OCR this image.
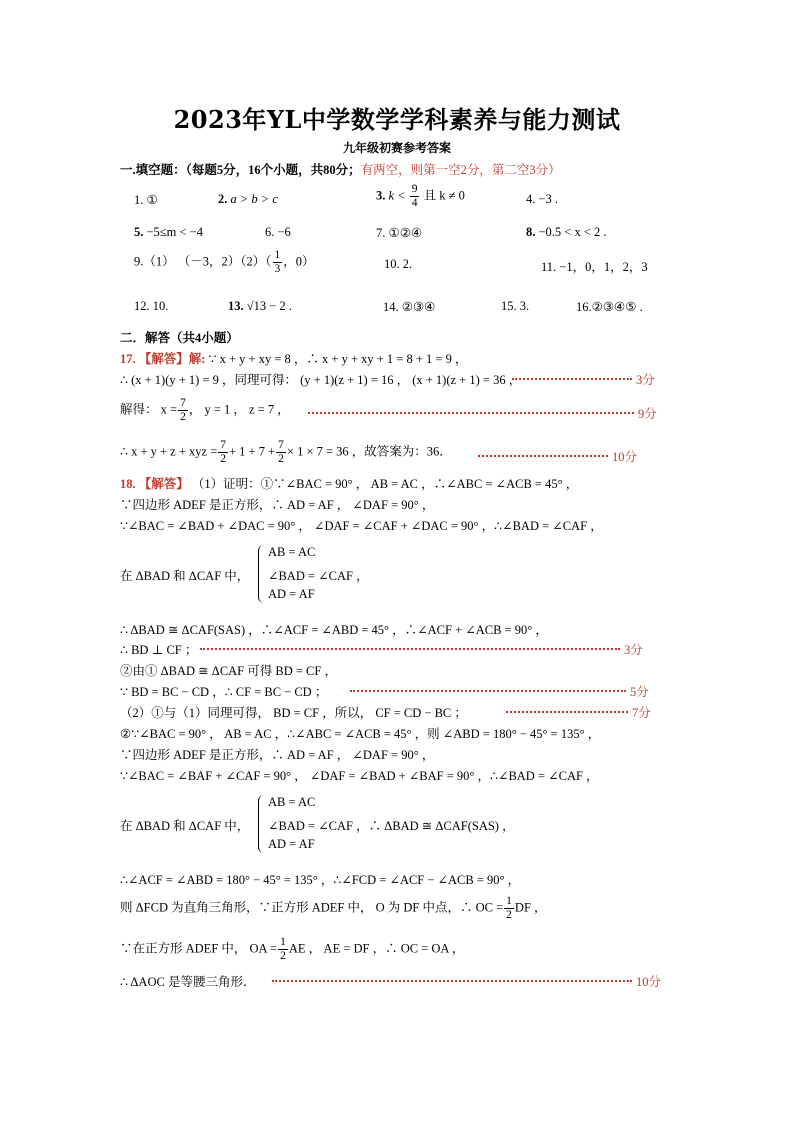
2023年YL中学数学学科素养与能力测试
九年级初赛参考答案
一.填空题：（每题5分，16个小题，共80分；有两空，则第一空2分，第二空3分）
1. ①	2. a > b > c	3. $k < \frac{9}{4}$ 且 k ≠ 0	4. −3 .
5. −5≤m < −4	6. −6	7. ①②④	8. −0.5 < x < 2 .
9.（1） （－3，$2)(2)( \frac{1}{3}$ ，0）	10. 2.	11. −1，0，1，2，3
12. 10.	13. √13 − 2 .	14. ②③④	15. 3.	16.②③④⑤ .
二．解答（共4小题）
17. 【解答】解: ∵ x + y + xy = 8 ，∴ x + y + xy + 1 = 8 + 1 = 9 ，
∴ (x + 1)(y + 1) = 9 ，同理可得： (y + 1)(z + 1) = 16 ， (x + 1)(z + 1) = 36 ，	3分
解得： $x = \frac{7}{2}$ ， y = 1 ， z = 7 ，	9分
∴ x + y + z + xyz = $\frac{7}{2} + 1 + 7 + \frac{7}{2} \times 1 \times 7 = 36$ ，故答案为：36．	10分
18. 【解答】 （1）证明：①∵∠BAC = 90° ， AB = AC ，∴∠ABC = ∠ACB = 45° ，
∵四边形 ADEF 是正方形，∴ AD = AF ， ∠DAF = 90° ，
∵∠BAC = ∠BAD + ∠DAC = 90° ， ∠DAF = ∠CAF + ∠DAC = 90° ，∴∠BAD = ∠CAF ，
在 ΔBAD 和 ΔCAF 中，
AB = AC
∠BAD = ∠CAF ，
AD = AF
∴ ΔBAD ≅ ΔCAF(SAS) ，∴∠ACF = ∠ABD = 45° ，∴∠ACF + ∠ACB = 90° ，
∴ BD ⊥ CF ；	3分
②由① ΔBAD ≅ ΔCAF 可得 BD = CF ，
∵ BD = BC − CD ，∴ CF = BC − CD ；	5分
（2）①与（1）同理可得， BD = CF ，所以， CF = CD − BC ；	7分
②∵∠BAC = 90° ， AB = AC ，∴∠ABC = ∠ACB = 45° ，则 ∠ABD = 180° − 45° = 135° ，
∵四边形 ADEF 是正方形，∴ AD = AF ， ∠DAF = 90° ，
∵∠BAC = ∠BAF + ∠CAF = 90° ， ∠DAF = ∠BAD + ∠BAF = 90° ，∴∠BAD = ∠CAF ，
在 ΔBAD 和 ΔCAF 中，
AB = AC
∠BAD = ∠CAF ，∴ ΔBAD ≅ ΔCAF(SAS) ，
AD = AF
∴∠ACF = ∠ABD = 180° − 45° = 135° ，∴∠FCD = ∠ACF − ∠ACB = 90° ，
则 ΔFCD 为直角三角形，∵正方形 ADEF 中， O 为 DF 中点，∴ OC = $\frac{1}{2}$ DF ，
∵在正方形 ADEF 中， OA = $\frac{1}{2}$ AE ， AE = DF ，∴ OC = OA ，
∴ ΔAOC 是等腰三角形．	10分
